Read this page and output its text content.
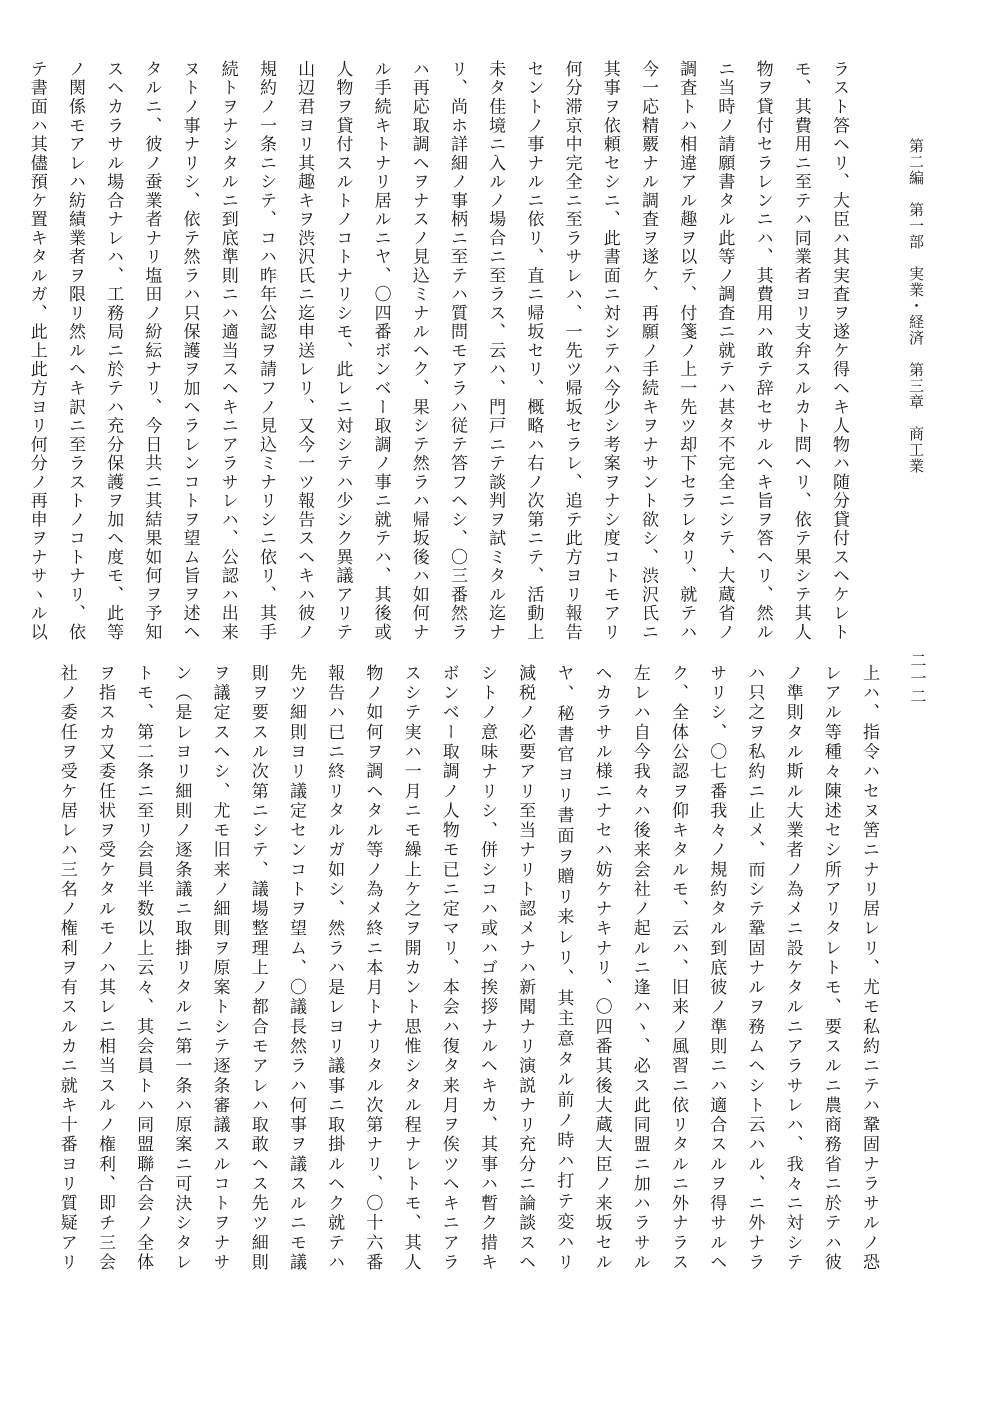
第二編　第一部　実業・経済　第三章　商工業
二一二
ラスト答ヘリ、大臣ハ其実査ヲ遂ケ得ヘキ人物ハ随分貸付スヘケレト
モ、其費用ニ至テハ同業者ヨリ支弁スルカト問ヘリ、依テ果シテ其人
物ヲ貸付セラレンニハ、其費用ハ敢テ辞セサルヘキ旨ヲ答ヘリ、然ル
ニ当時ノ請願書タル此等ノ調査ニ就テハ甚タ不完全ニシテ、大蔵省ノ
調査トハ相違アル趣ヲ以テ、付箋ノ上一先ツ却下セラレタリ、就テハ
今一応精覈ナル調査ヲ遂ケ、再願ノ手続キヲナサント欲シ、渋沢氏ニ
其事ヲ依頼セシニ、此書面ニ対シテハ今少シ考案ヲナシ度コトモアリ
何分滞京中完全ニ至ラサレハ、一先ツ帰坂セラレ、追テ此方ヨリ報告
セントノ事ナルニ依リ、直ニ帰坂セリ、概略ハ右ノ次第ニテ、活動上
未タ佳境ニ入ルノ場合ニ至ラス、云ハ、門戸ニテ談判ヲ試ミタル迄ナ
リ、尚ホ詳細ノ事柄ニ至テハ質問モアラハ従テ答フヘシ、〇三番然ラ
ハ再応取調ヘヲナスノ見込ミナルヘク、果シテ然ラハ帰坂後ハ如何ナ
ル手続キトナリ居ルニヤ、〇四番ボンベー取調ノ事ニ就テハ、其後或
人物ヲ貸付スルトノコトナリシモ、此レニ対シテハ少シク異議アリテ
山辺君ヨリ其趣キヲ渋沢氏ニ迄申送レリ、又今一ツ報告スヘキハ彼ノ
規約ノ一条ニシテ、コハ昨年公認ヲ請フノ見込ミナリシニ依リ、其手
続トヲナシタルニ到底準則ニハ適当スヘキニアラサレハ、公認ハ出来
ヌトノ事ナリシ、依テ然ラハ只保護ヲ加ヘラレンコトヲ望ム旨ヲ述ヘ
タルニ、彼ノ蚕業者ナリ塩田ノ紛紜ナリ、今日共ニ其結果如何ヲ予知
スヘカラサル場合ナレハ、工務局ニ於テハ充分保護ヲ加ヘ度モ、此等
ノ関係モアレハ紡績業者ヲ限リ然ルヘキ訳ニ至ラストノコトナリ、依
テ書面ハ其儘預ケ置キタルガ、此上此方ヨリ何分ノ再申ヲナサヽル以
上ハ、指令ハセヌ筈ニナリ居レリ、尤モ私約ニテハ鞏固ナラサルノ恐
レアル等種々陳述セシ所アリタレトモ、要スルニ農商務省ニ於テハ彼
ノ準則タル斯ル大業者ノ為メニ設ケタルニアラサレハ、我々ニ対シテ
ハ只之ヲ私約ニ止メ、而シテ鞏固ナルヲ務ムヘシト云ハル、ニ外ナラ
サリシ、〇七番我々ノ規約タル到底彼ノ準則ニハ適合スルヲ得サルヘ
ク、全体公認ヲ仰キタルモ、云ハ、旧来ノ風習ニ依リタルニ外ナラス
左レハ自今我々ハ後来会社ノ起ルニ逢ハヽ、必ス此同盟ニ加ハラサル
ヘカラサル様ニナセハ妨ケナキナリ、〇四番其後大蔵大臣ノ来坂セル
ヤ、秘書官ヨリ書面ヲ贈リ来レリ、其主意タル前ノ時ハ打テ変ハリ
減税ノ必要アリ至当ナリト認メナハ新聞ナリ演説ナリ充分ニ論談スヘ
シトノ意味ナリシ、併シコハ或ハゴ挨拶ナルヘキカ、其事ハ暫ク措キ
ボンベー取調ノ人物モ已ニ定マリ、本会ハ復タ来月ヲ俟ツヘキニアラ
スシテ実ハ一月ニモ繰上ケ之ヲ開カント思惟シタル程ナレトモ、其人
物ノ如何ヲ調ヘタル等ノ為メ終ニ本月トナリタル次第ナリ、〇十六番
報告ハ已ニ終リタルガ如シ、然ラハ是レヨリ議事ニ取掛ルヘク就テハ
先ツ細則ヨリ議定センコトヲ望ム、〇議長然ラハ何事ヲ議スルニモ議
則ヲ要スル次第ニシテ、議場整理上ノ都合モアレハ取敢ヘス先ツ細則
ヲ議定スヘシ、尤モ旧来ノ細則ヲ原案トシテ逐条審議スルコトヲナサ
ン（是レヨリ細則ノ逐条議ニ取掛リタルニ第一条ハ原案ニ可決シタレ
トモ、第二条ニ至リ会員半数以上云々、其会員トハ同盟聯合会ノ全体
ヲ指スカ又委任状ヲ受ケタルモノハ其レニ相当スルノ権利、即チ三会
社ノ委任ヲ受ケ居レハ三名ノ権利ヲ有スルカニ就キ十番ヨリ質疑アリ
